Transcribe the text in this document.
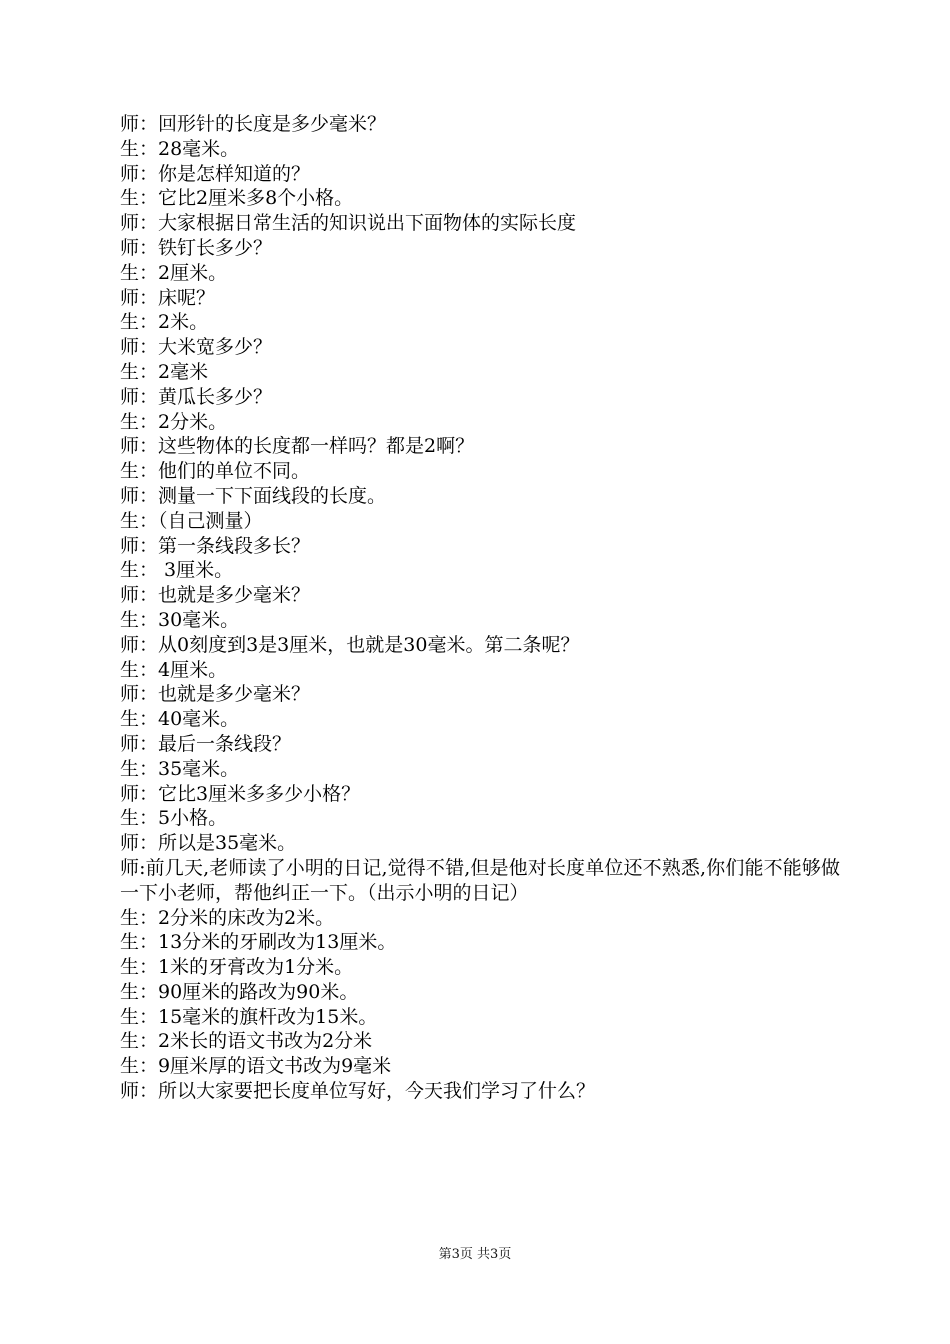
师：回形针的长度是多少毫米？
生：28毫米。
师：你是怎样知道的？
生：它比2厘米多8个小格。
师：大家根据日常生活的知识说出下面物体的实际长度
师：铁钉长多少？
生：2厘米。
师：床呢？
生：2米。
师：大米宽多少？
生：2毫米
师：黄瓜长多少？
生：2分米。
师：这些物体的长度都一样吗？都是2啊？
生：他们的单位不同。
师：测量一下下面线段的长度。
生：（自己测量）
师：第一条线段多长？
生： 3厘米。
师：也就是多少毫米？
生：30毫米。
师：从0刻度到3是3厘米，也就是30毫米。第二条呢？
生：4厘米。
师：也就是多少毫米？
生：40毫米。
师：最后一条线段？
生：35毫米。
师：它比3厘米多多少小格？
生：5小格。
师：所以是35毫米。
师:前几天,老师读了小明的日记,觉得不错,但是他对长度单位还不熟悉,你们能不能够做一下小老师，帮他纠正一下。（出示小明的日记）
生：2分米的床改为2米。
生：13分米的牙刷改为13厘米。
生：1米的牙膏改为1分米。
生：90厘米的路改为90米。
生：15毫米的旗杆改为15米。
生：2米长的语文书改为2分米
生：9厘米厚的语文书改为9毫米
师：所以大家要把长度单位写好，今天我们学习了什么？
第3页 共3页
